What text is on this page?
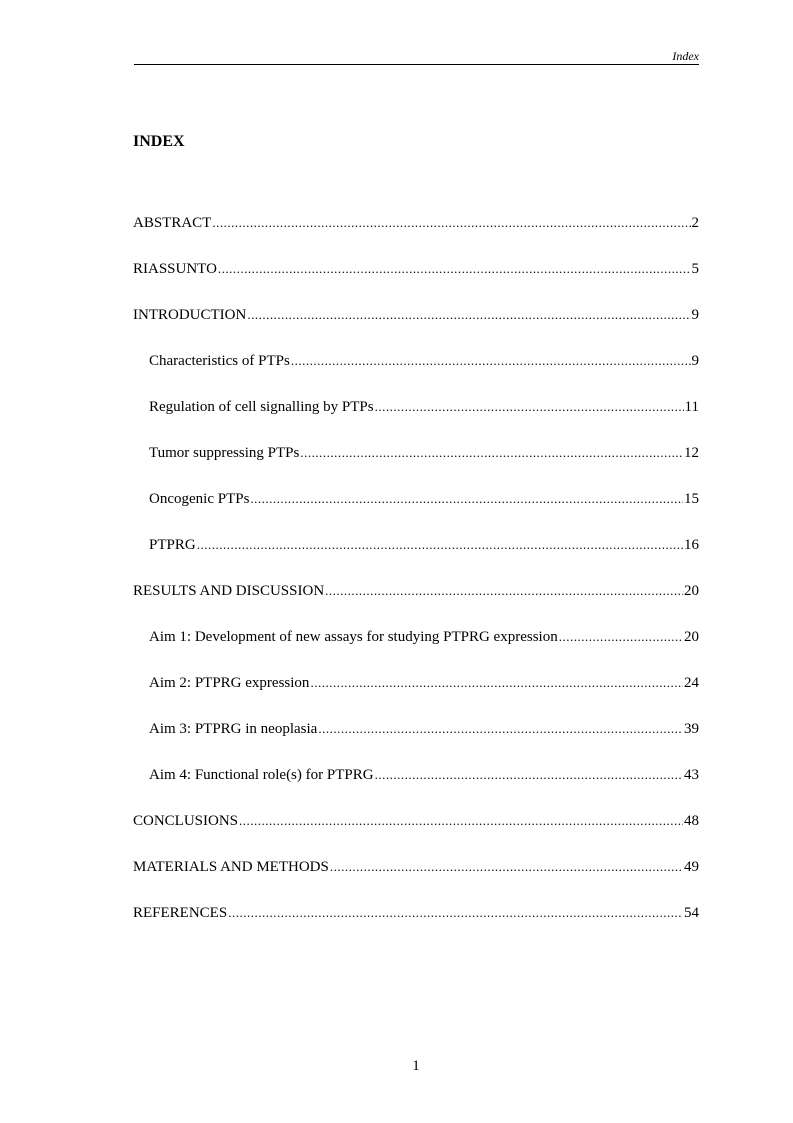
Index
INDEX
ABSTRACT .....	2
RIASSUNTO .....	5
INTRODUCTION .....	9
Characteristics of PTPs .....	9
Regulation of cell signalling by PTPs .....	11
Tumor suppressing PTPs .....	12
Oncogenic PTPs .....	15
PTPRG .....	16
RESULTS AND DISCUSSION .....	20
Aim 1: Development of new assays for studying PTPRG expression .....	20
Aim 2: PTPRG expression .....	24
Aim 3: PTPRG in neoplasia .....	39
Aim 4: Functional role(s) for PTPRG .....	43
CONCLUSIONS .....	48
MATERIALS AND METHODS .....	49
REFERENCES .....	54
1
